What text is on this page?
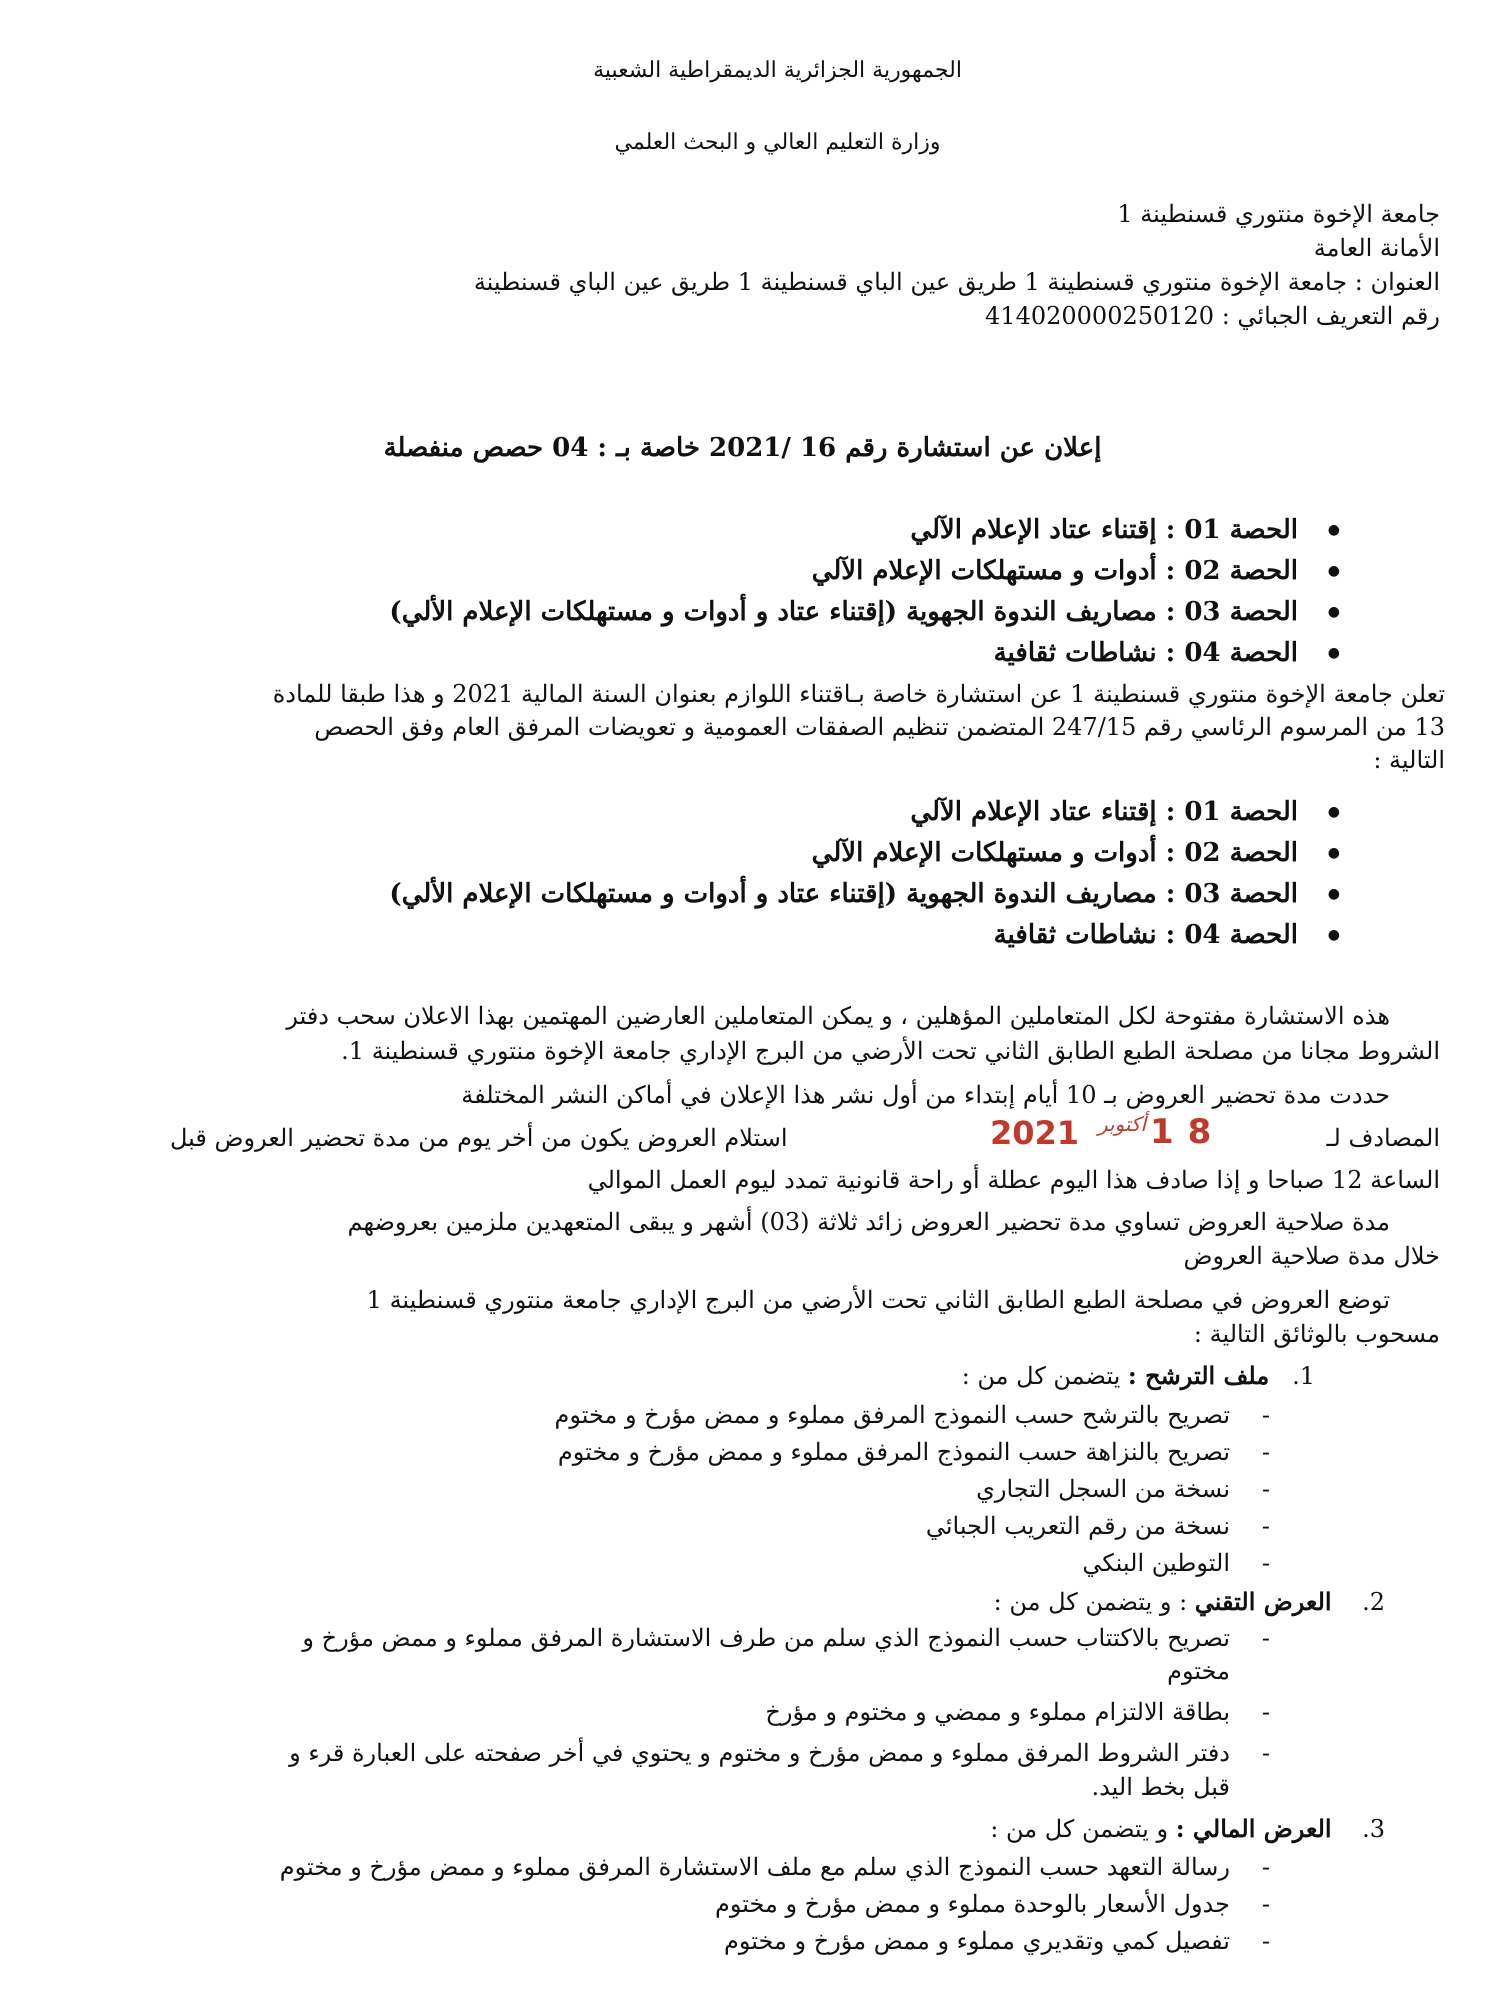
الجمهورية الجزائرية الديمقراطية الشعبية
وزارة التعليم العالي و البحث العلمي
جامعة الإخوة منتوري قسنطينة 1
الأمانة العامة
العنوان : جامعة الإخوة منتوري قسنطينة 1 طريق عين الباي قسنطينة 1 طريق عين الباي قسنطينة
رقم التعريف الجبائي : 414020000250120
إعلان عن استشارة رقم 16 /2021 خاصة بـ : 04 حصص منفصلة
● الحصة 01 : إقتناء عتاد الإعلام الآلي
● الحصة 02 : أدوات و مستهلكات الإعلام الآلي
● الحصة 03 : مصاريف الندوة الجهوية (إقتناء عتاد و أدوات و مستهلكات الإعلام الألي)
● الحصة 04 : نشاطات ثقافية
تعلن جامعة الإخوة منتوري قسنطينة 1 عن استشارة خاصة بـاقتناء اللوازم بعنوان السنة المالية 2021 و هذا طبقا للمادة
13 من المرسوم الرئاسي رقم 247/15 المتضمن تنظيم الصفقات العمومية و تعويضات المرفق العام وفق الحصص
التالية :
● الحصة 01 : إقتناء عتاد الإعلام الآلي
● الحصة 02 : أدوات و مستهلكات الإعلام الآلي
● الحصة 03 : مصاريف الندوة الجهوية (إقتناء عتاد و أدوات و مستهلكات الإعلام الألي)
● الحصة 04 : نشاطات ثقافية
هذه الاستشارة مفتوحة لكل المتعاملين المؤهلين ، و يمكن المتعاملين العارضين المهتمين بهذا الاعلان سحب دفتر
الشروط مجانا من مصلحة الطبع الطابق الثاني تحت الأرضي من البرج الإداري جامعة الإخوة منتوري قسنطينة 1.
حددت مدة تحضير العروض بـ 10 أيام إبتداء من أول نشر هذا الإعلان في أماكن النشر المختلفة
المصادف لـ
استلام العروض يكون من أخر يوم من مدة تحضير العروض قبل	2021 أكتوبر 18
الساعة 12 صباحا و إذا صادف هذا اليوم عطلة أو راحة قانونية تمدد ليوم العمل الموالي
مدة صلاحية العروض تساوي مدة تحضير العروض زائد ثلاثة (03) أشهر و يبقى المتعهدين ملزمين بعروضهم
خلال مدة صلاحية العروض
توضع العروض في مصلحة الطبع الطابق الثاني تحت الأرضي من البرج الإداري جامعة منتوري قسنطينة 1
مسحوب بالوثائق التالية :
1.   ملف الترشح : يتضمن كل من :
- تصريح بالترشح حسب النموذج المرفق مملوء و ممض مؤرخ و مختوم
- تصريح بالنزاهة حسب النموذج المرفق مملوء و ممض مؤرخ و مختوم
- نسخة من السجل التجاري
- نسخة من رقم التعريب الجبائي
- التوطين البنكي
2.    العرض التقني : و يتضمن كل من :
-
تصريح بالاكتتاب حسب النموذج الذي سلم من طرف الاستشارة المرفق مملوء و ممض مؤرخ و
مختوم
-
بطاقة الالتزام مملوء و ممضي و مختوم و مؤرخ
-
دفتر الشروط المرفق مملوء و ممض مؤرخ و مختوم و يحتوي في أخر صفحته على العبارة قرء و
قبل بخط اليد.
3.    العرض المالي : و يتضمن كل من :
- رسالة التعهد حسب النموذج الذي سلم مع ملف الاستشارة المرفق مملوء و ممض مؤرخ و مختوم
- جدول الأسعار بالوحدة مملوء و ممض مؤرخ و مختوم
- تفصيل كمي وتقديري مملوء و ممض مؤرخ و مختوم
